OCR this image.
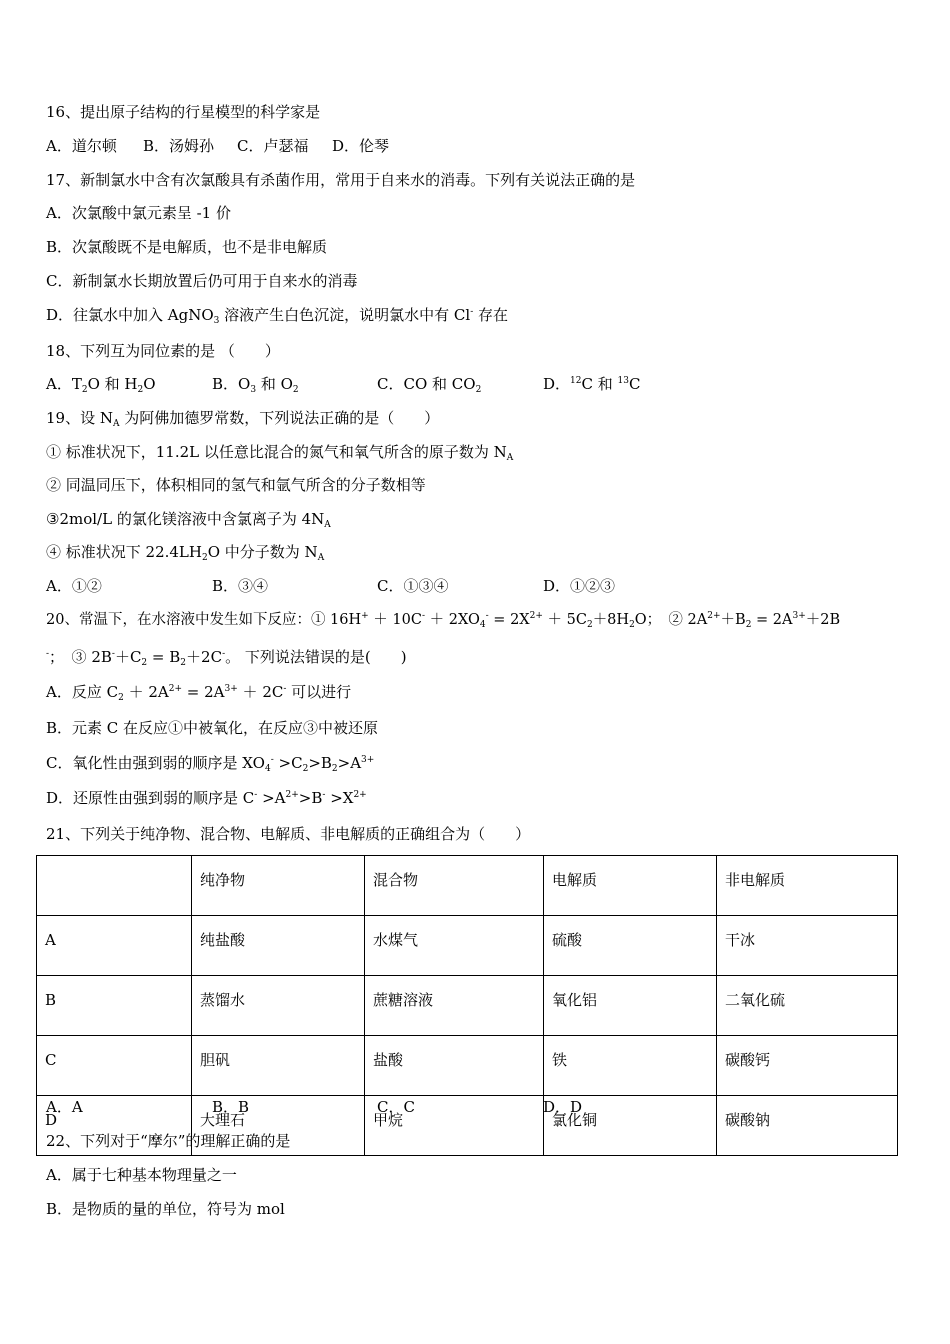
16、提出原子结构的行星模型的科学家是
A．道尔顿 B．汤姆孙 C．卢瑟福 D．伦琴
17、新制氯水中含有次氯酸具有杀菌作用，常用于自来水的消毒。下列有关说法正确的是
A．次氯酸中氯元素呈 -1 价
B．次氯酸既不是电解质，也不是非电解质
C．新制氯水长期放置后仍可用于自来水的消毒
D．往氯水中加入 AgNO$_3$ 溶液产生白色沉淀，说明氯水中有 Cl- 存在
18、下列互为同位素的是 （　　）
A．$T_2O$ 和 $H_2O$	B．$O_3$ 和 $O_2$	C．CO 和 $CO_2$	D．$^{12}$C 和 $^{13}$C
19、设 $N_A$ 为阿佛加德罗常数，下列说法正确的是（　　）
① 标准状况下，11.2L 以任意比混合的氮气和氧气所含的原子数为 $N_A$
② 同温同压下，体积相同的氢气和氩气所含的分子数相等
③2mol/L 的氯化镁溶液中含氯离子为 $4N_A$
④ 标准状况下 $22.4LH_2O$ 中分子数为 $N_A$
A．①②	B．③④	C．①③④	D．①②③
20、常温下，在水溶液中发生如下反应：① $16H^+ + 10C^- + 2XO_4^- = 2X^{2+} + 5C_2+8H_2O$；　② $2A^{2+}+B_2 = 2A^{3+}+2B$
-；　③ $2B^-+C_2 = B_2+2C^-$。 下列说法错误的是(　　)
A．反应 $C_2 + 2A^{2+} = 2A^{3+} + 2C^-$ 可以进行
B．元素 C 在反应①中被氧化，在反应③中被还原
C．氧化性由强到弱的顺序是 $XO_4^- >C_2>B_2>A^{3+}$
D．还原性由强到弱的顺序是 $C^- >A^{2+}>B^- >X^{2+}$
21、下列关于纯净物、混合物、电解质、非电解质的正确组合为（　　）
	纯净物	混合物	电解质	非电解质
A	纯盐酸	水煤气	硫酸	干冰
B	蒸馏水	蔗糖溶液	氧化铝	二氧化硫
C	胆矾	盐酸	铁	碳酸钙
D	大理石	甲烷	氯化铜	碳酸钠
A．A	B．B	C．C	D．D
22、下列对于“摩尔”的理解正确的是
A．属于七种基本物理量之一
B．是物质的量的单位，符号为 mol
